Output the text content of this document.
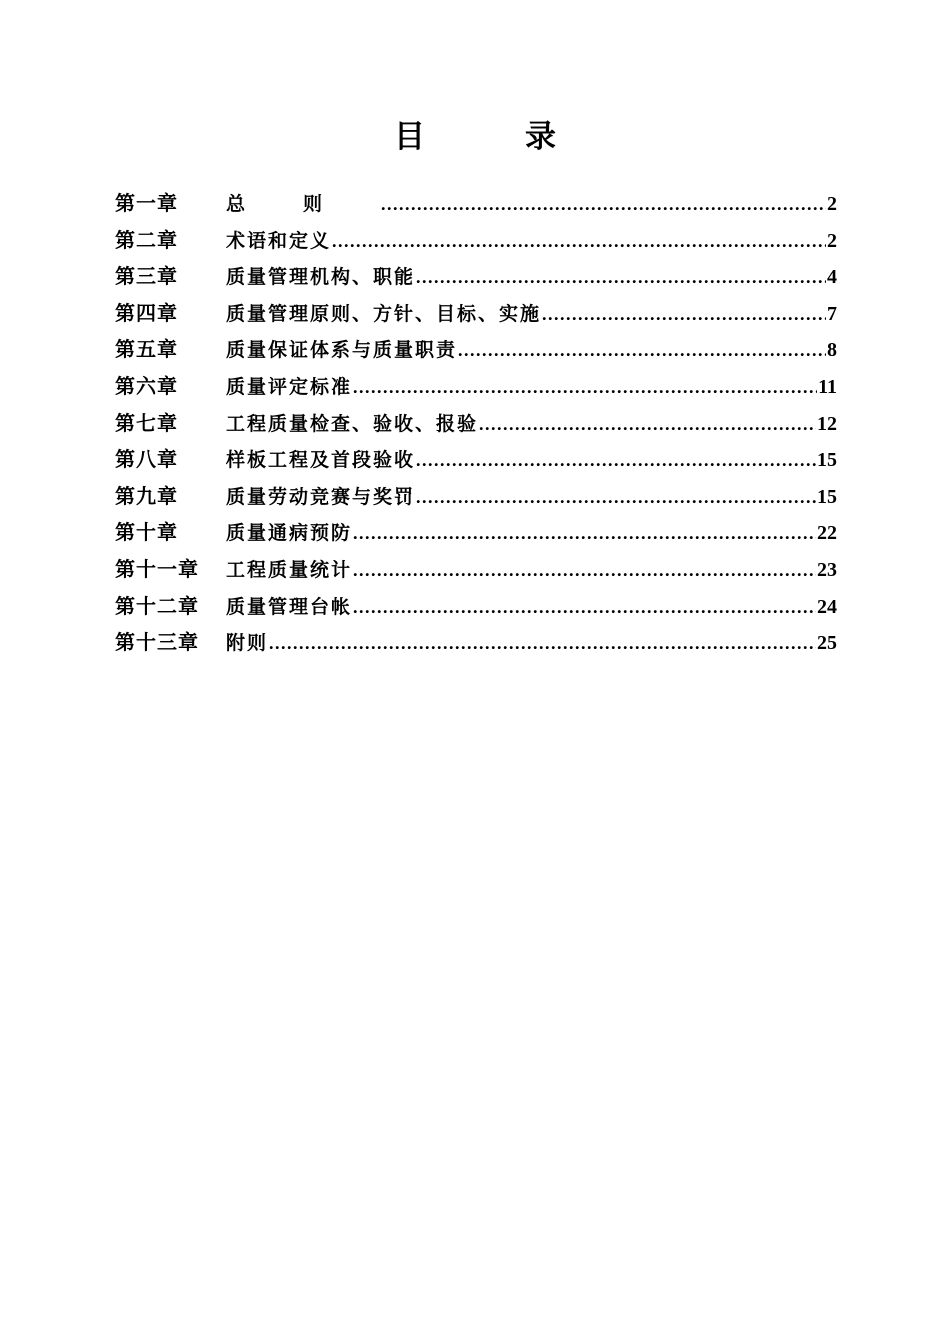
目录
第一章	总则 .....	2
第二章	术语和定义 .....	2
第三章	质量管理机构、职能 .....	4
第四章	质量管理原则、方针、目标、实施 .....	7
第五章	质量保证体系与质量职责 .....	8
第六章	质量评定标准 .....	11
第七章	工程质量检查、验收、报验 .....	12
第八章	样板工程及首段验收 .....	15
第九章	质量劳动竞赛与奖罚 .....	15
第十章	质量通病预防 .....	22
第十一章	工程质量统计 .....	23
第十二章	质量管理台帐 .....	24
第十三章	附则 .....	25
